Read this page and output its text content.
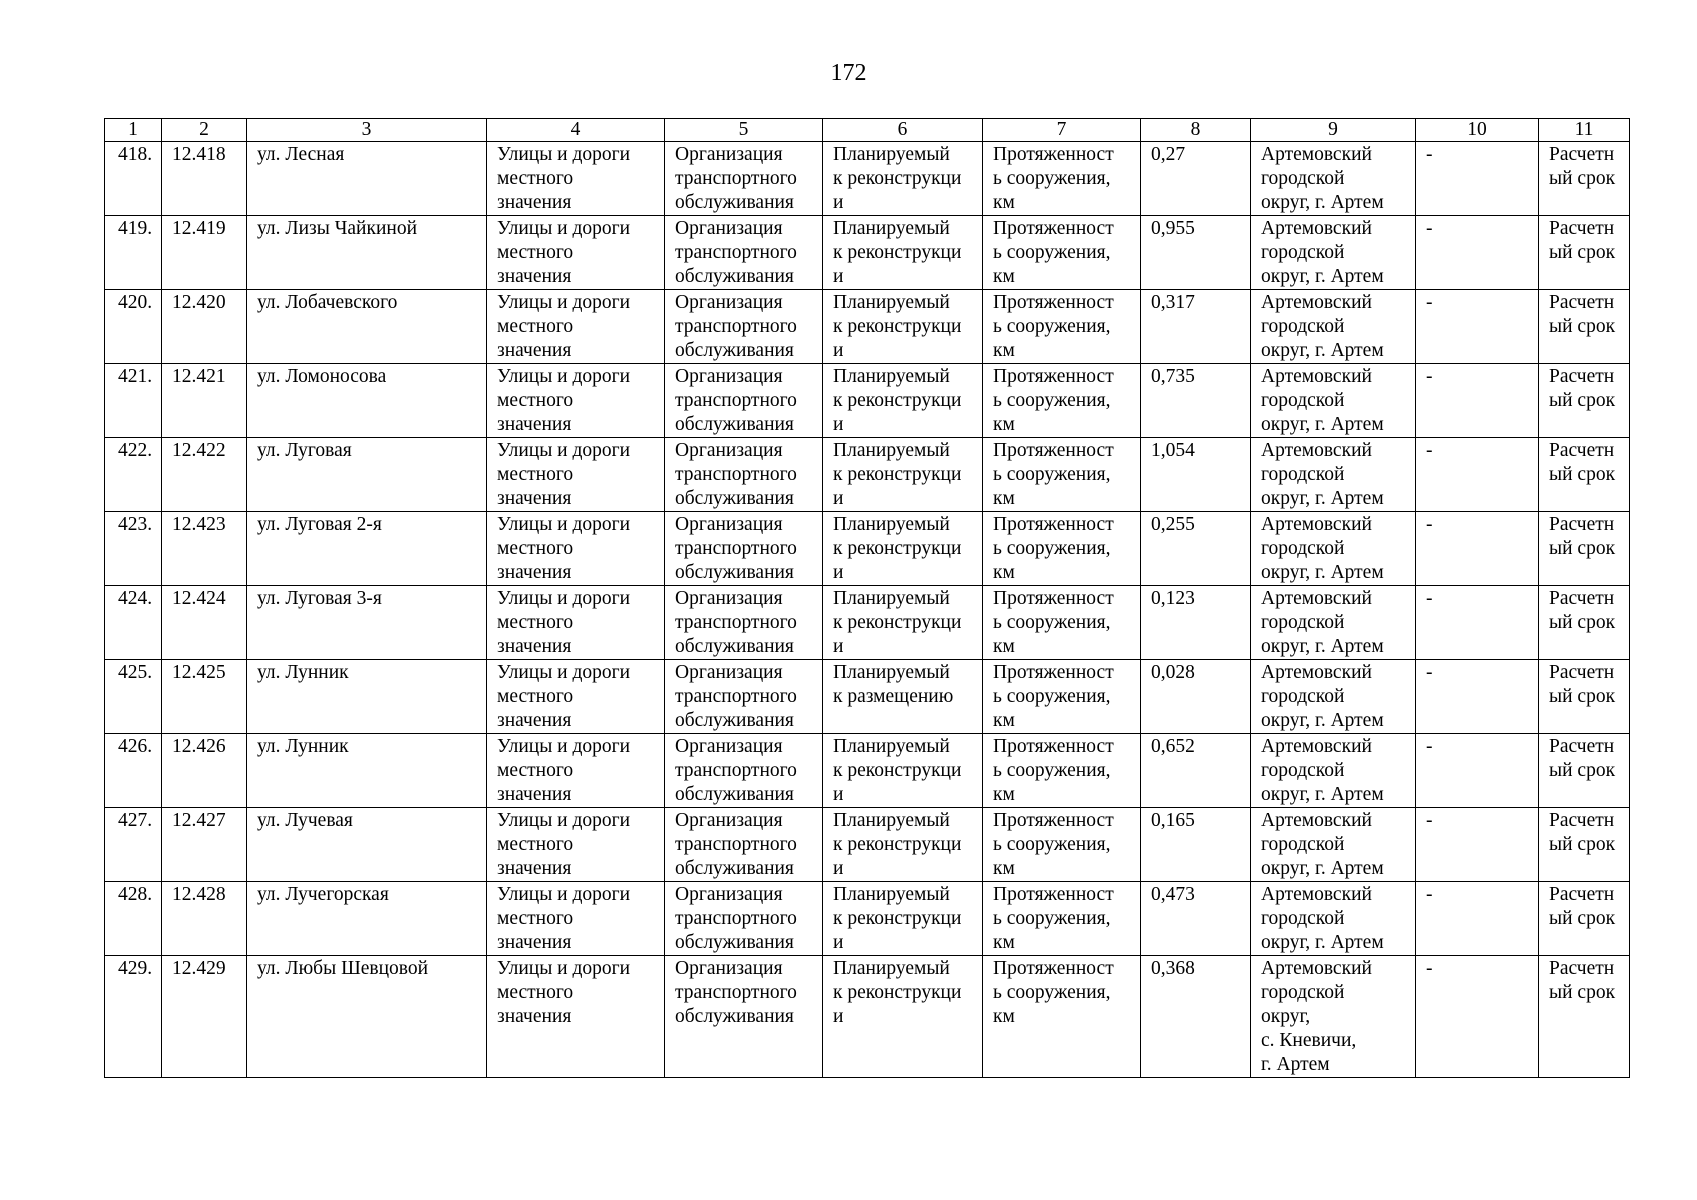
172
1	2	3	4	5	6	7	8	9	10	11
418.	12.418	ул. Лесная	Улицы и дороги
местного
значения	Организация
транспортного
обслуживания	Планируемый
к реконструкци
и	Протяженност
ь сооружения,
км	0,27	Артемовский
городской
округ, г. Артем	-	Расчетн
ый срок
419.	12.419	ул. Лизы Чайкиной	Улицы и дороги
местного
значения	Организация
транспортного
обслуживания	Планируемый
к реконструкци
и	Протяженност
ь сооружения,
км	0,955	Артемовский
городской
округ, г. Артем	-	Расчетн
ый срок
420.	12.420	ул. Лобачевского	Улицы и дороги
местного
значения	Организация
транспортного
обслуживания	Планируемый
к реконструкци
и	Протяженност
ь сооружения,
км	0,317	Артемовский
городской
округ, г. Артем	-	Расчетн
ый срок
421.	12.421	ул. Ломоносова	Улицы и дороги
местного
значения	Организация
транспортного
обслуживания	Планируемый
к реконструкци
и	Протяженност
ь сооружения,
км	0,735	Артемовский
городской
округ, г. Артем	-	Расчетн
ый срок
422.	12.422	ул. Луговая	Улицы и дороги
местного
значения	Организация
транспортного
обслуживания	Планируемый
к реконструкци
и	Протяженност
ь сооружения,
км	1,054	Артемовский
городской
округ, г. Артем	-	Расчетн
ый срок
423.	12.423	ул. Луговая 2-я	Улицы и дороги
местного
значения	Организация
транспортного
обслуживания	Планируемый
к реконструкци
и	Протяженност
ь сооружения,
км	0,255	Артемовский
городской
округ, г. Артем	-	Расчетн
ый срок
424.	12.424	ул. Луговая 3-я	Улицы и дороги
местного
значения	Организация
транспортного
обслуживания	Планируемый
к реконструкци
и	Протяженност
ь сооружения,
км	0,123	Артемовский
городской
округ, г. Артем	-	Расчетн
ый срок
425.	12.425	ул. Лунник	Улицы и дороги
местного
значения	Организация
транспортного
обслуживания	Планируемый
к размещению	Протяженност
ь сооружения,
км	0,028	Артемовский
городской
округ, г. Артем	-	Расчетн
ый срок
426.	12.426	ул. Лунник	Улицы и дороги
местного
значения	Организация
транспортного
обслуживания	Планируемый
к реконструкци
и	Протяженност
ь сооружения,
км	0,652	Артемовский
городской
округ, г. Артем	-	Расчетн
ый срок
427.	12.427	ул. Лучевая	Улицы и дороги
местного
значения	Организация
транспортного
обслуживания	Планируемый
к реконструкци
и	Протяженност
ь сооружения,
км	0,165	Артемовский
городской
округ, г. Артем	-	Расчетн
ый срок
428.	12.428	ул. Лучегорская	Улицы и дороги
местного
значения	Организация
транспортного
обслуживания	Планируемый
к реконструкци
и	Протяженност
ь сооружения,
км	0,473	Артемовский
городской
округ, г. Артем	-	Расчетн
ый срок
429.	12.429	ул. Любы Шевцовой	Улицы и дороги
местного
значения	Организация
транспортного
обслуживания	Планируемый
к реконструкци
и	Протяженност
ь сооружения,
км	0,368	Артемовский
городской
округ,
с. Кневичи,
г. Артем	-	Расчетн
ый срок
